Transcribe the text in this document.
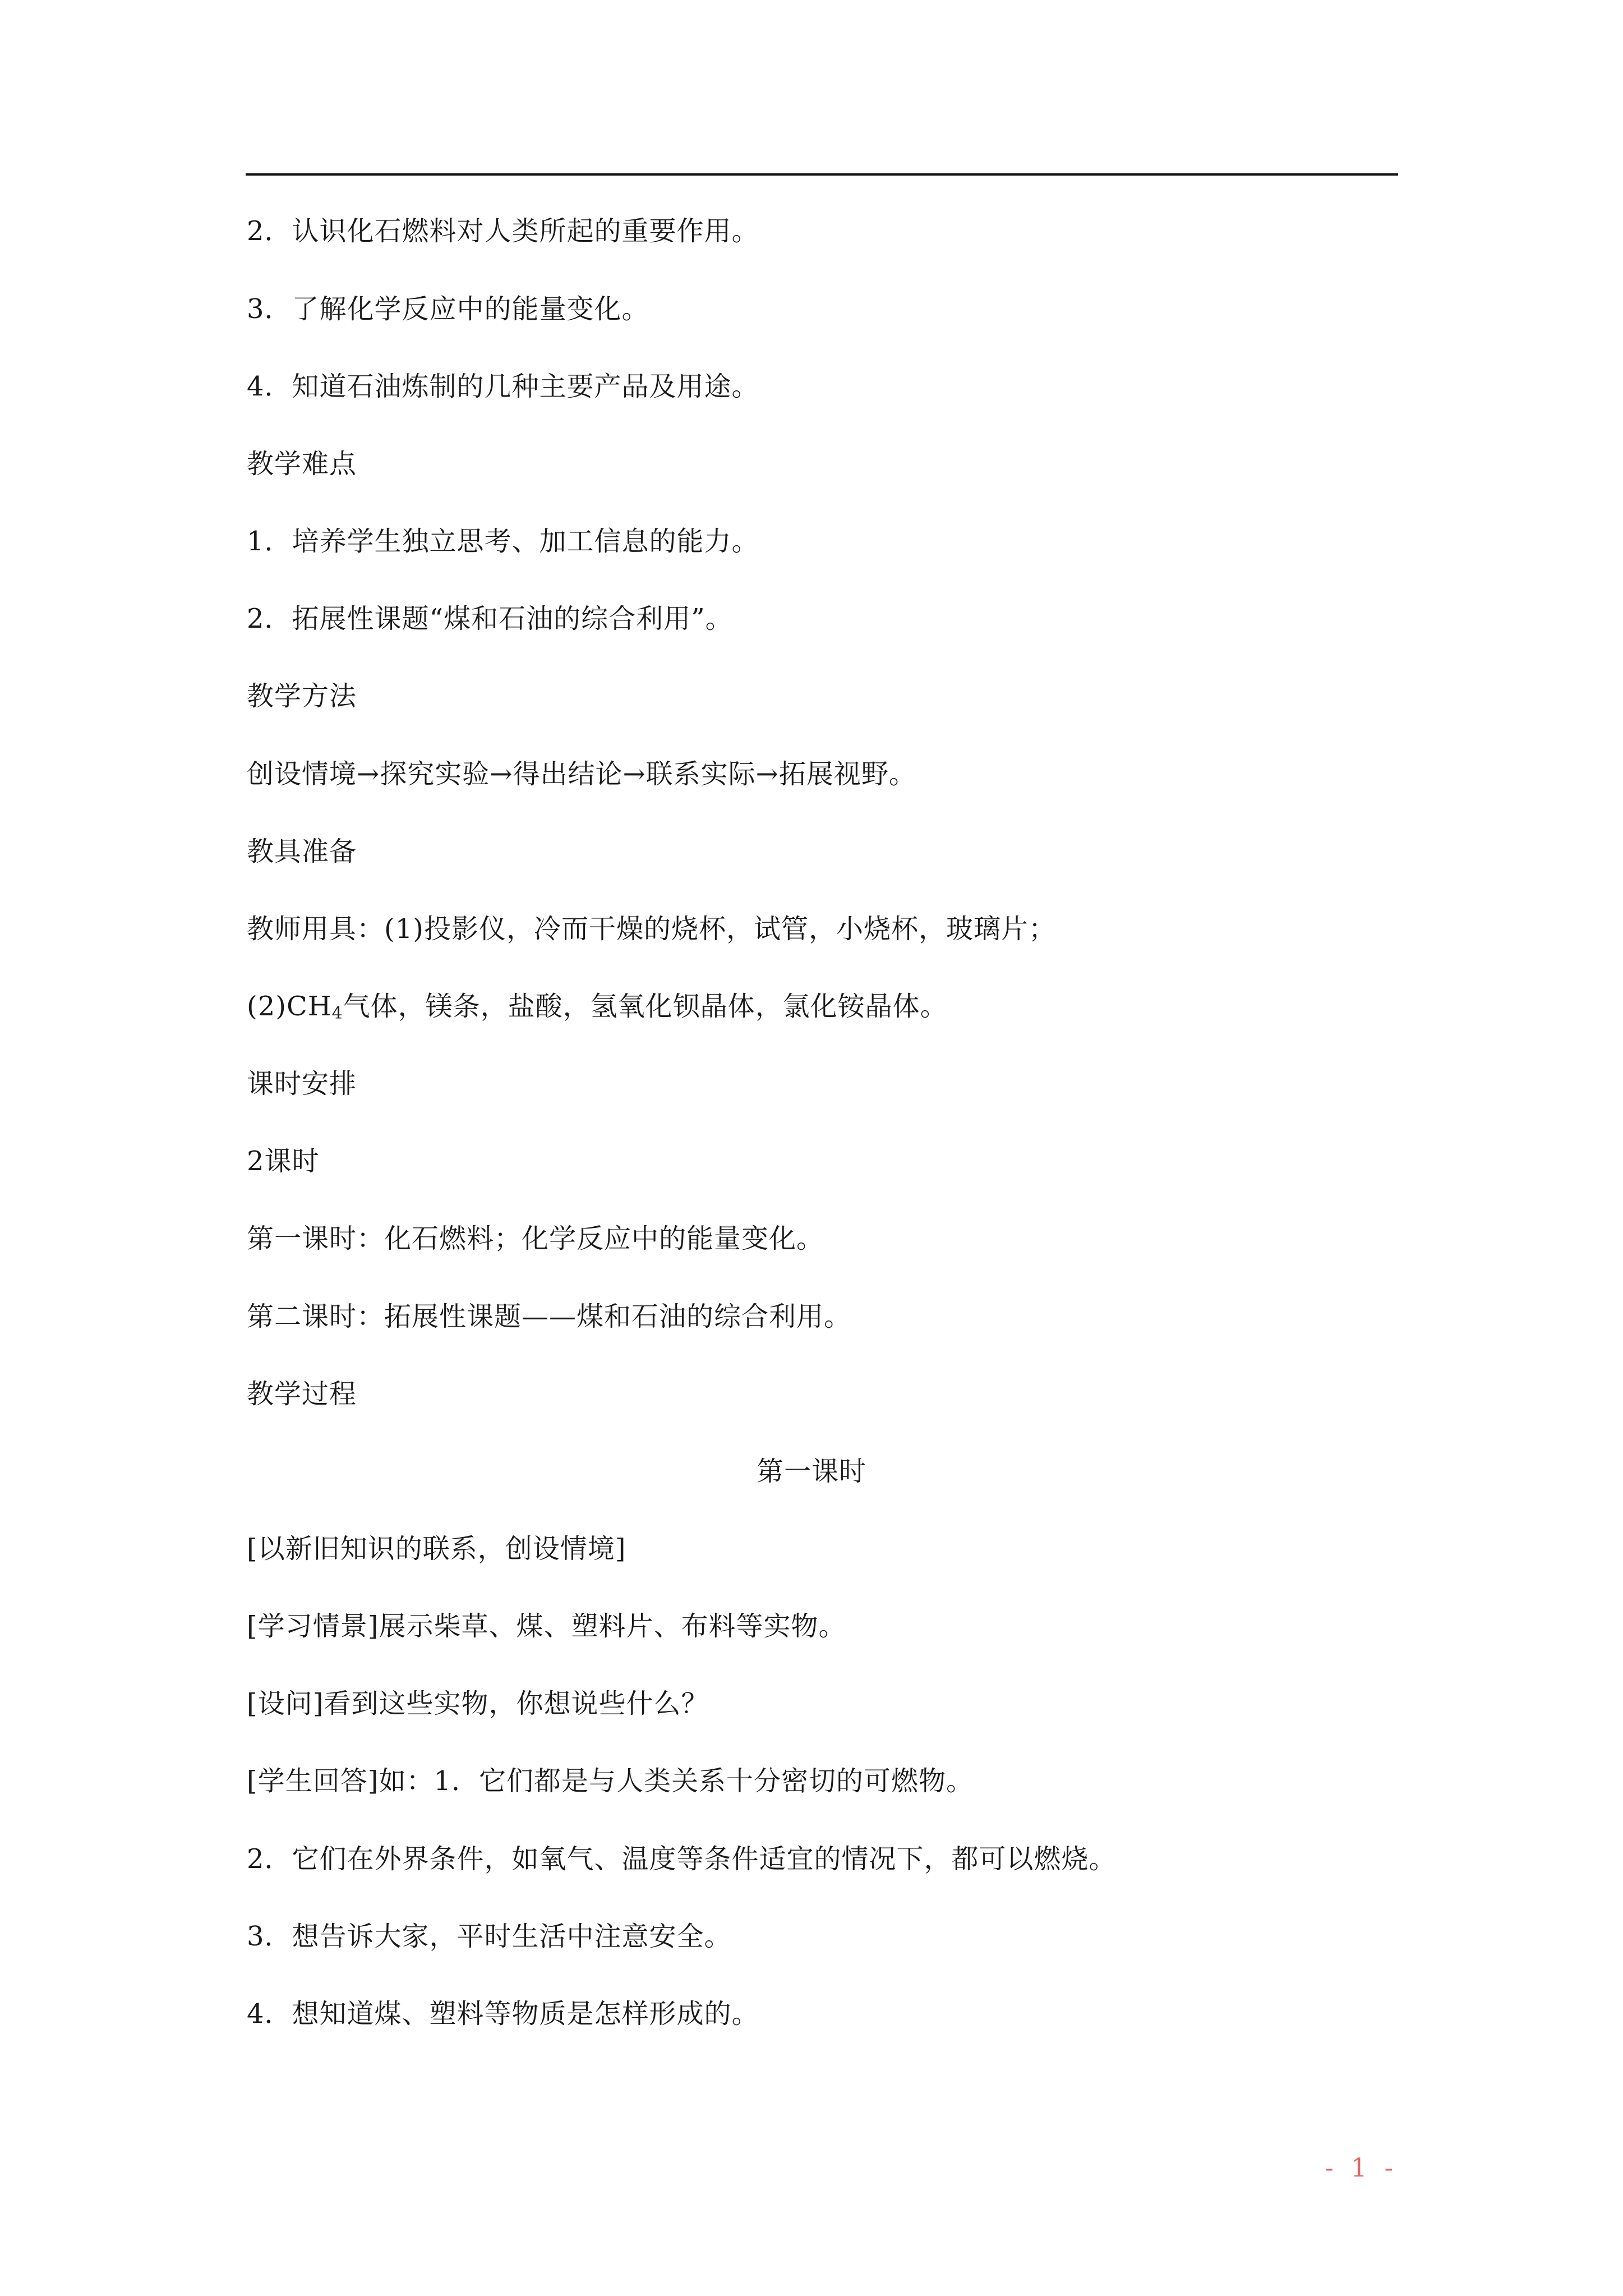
2．认识化石燃料对人类所起的重要作用。
3．了解化学反应中的能量变化。
4．知道石油炼制的几种主要产品及用途。
教学难点
1．培养学生独立思考、加工信息的能力。
2．拓展性课题“煤和石油的综合利用”。
教学方法
创设情境→探究实验→得出结论→联系实际→拓展视野。
教具准备
教师用具：(1)投影仪，冷而干燥的烧杯，试管，小烧杯，玻璃片；
$(2)CH_4$气体，镁条，盐酸，氢氧化钡晶体，氯化铵晶体。
课时安排
2课时
第一课时：化石燃料；化学反应中的能量变化。
第二课时：拓展性课题——煤和石油的综合利用。
教学过程
第一课时
[以新旧知识的联系，创设情境]
[学习情景]展示柴草、煤、塑料片、布料等实物。
[设问]看到这些实物，你想说些什么？
[学生回答]如：1．它们都是与人类关系十分密切的可燃物。
2．它们在外界条件，如氧气、温度等条件适宜的情况下，都可以燃烧。
3．想告诉大家，平时生活中注意安全。
4．想知道煤、塑料等物质是怎样形成的。
- 1 -
